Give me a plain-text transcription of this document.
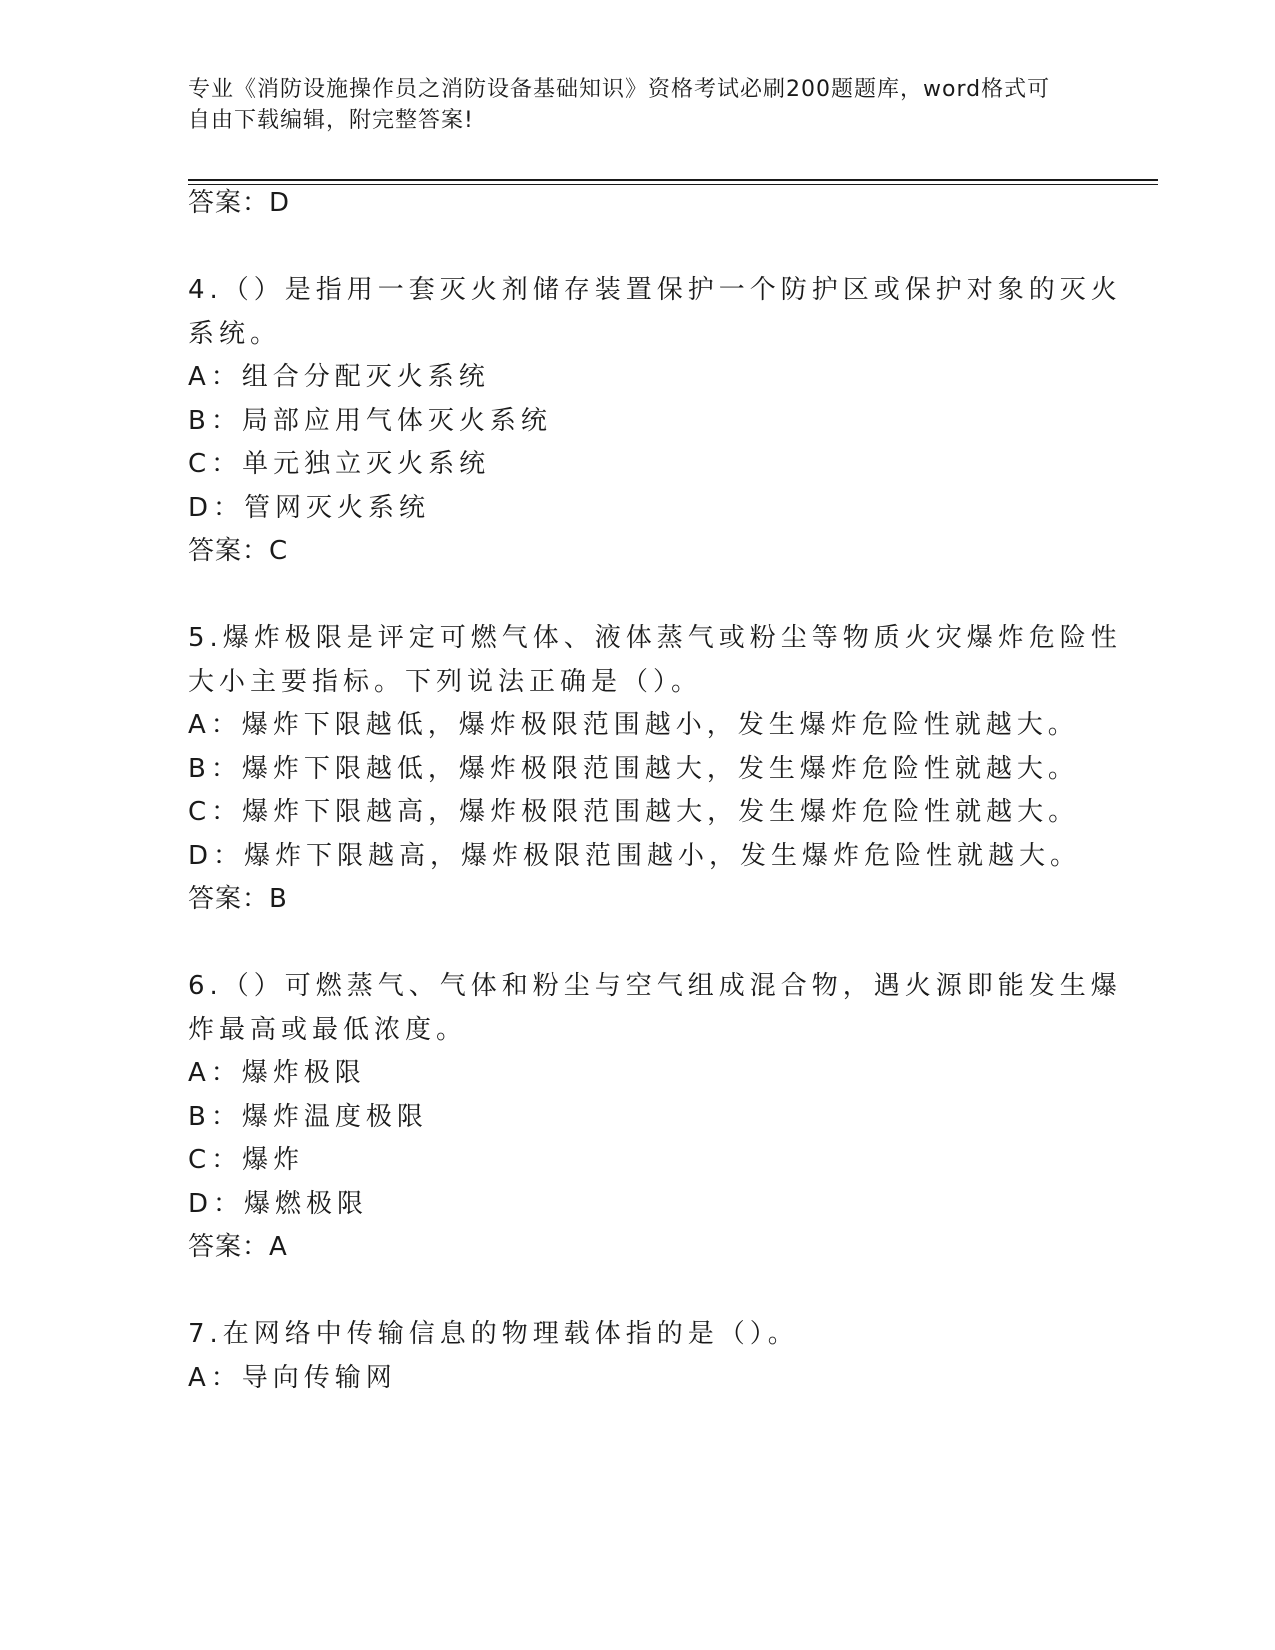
专业《消防设施操作员之消防设备基础知识》资格考试必刷200题题库，word格式可自由下载编辑，附完整答案!
答案：D
4.（）是指用一套灭火剂储存装置保护一个防护区或保护对象的灭火
系统。
A：组合分配灭火系统
B：局部应用气体灭火系统
C：单元独立灭火系统
D：管网灭火系统
答案：C
5.爆炸极限是评定可燃气体、液体蒸气或粉尘等物质火灾爆炸危险性
大小主要指标。下列说法正确是（）。
A：爆炸下限越低，爆炸极限范围越小，发生爆炸危险性就越大。
B：爆炸下限越低，爆炸极限范围越大，发生爆炸危险性就越大。
C：爆炸下限越高，爆炸极限范围越大，发生爆炸危险性就越大。
D：爆炸下限越高，爆炸极限范围越小，发生爆炸危险性就越大。
答案：B
6.（）可燃蒸气、气体和粉尘与空气组成混合物，遇火源即能发生爆
炸最高或最低浓度。
A：爆炸极限
B：爆炸温度极限
C：爆炸
D：爆燃极限
答案：A
7.在网络中传输信息的物理载体指的是（）。
A：导向传输网
